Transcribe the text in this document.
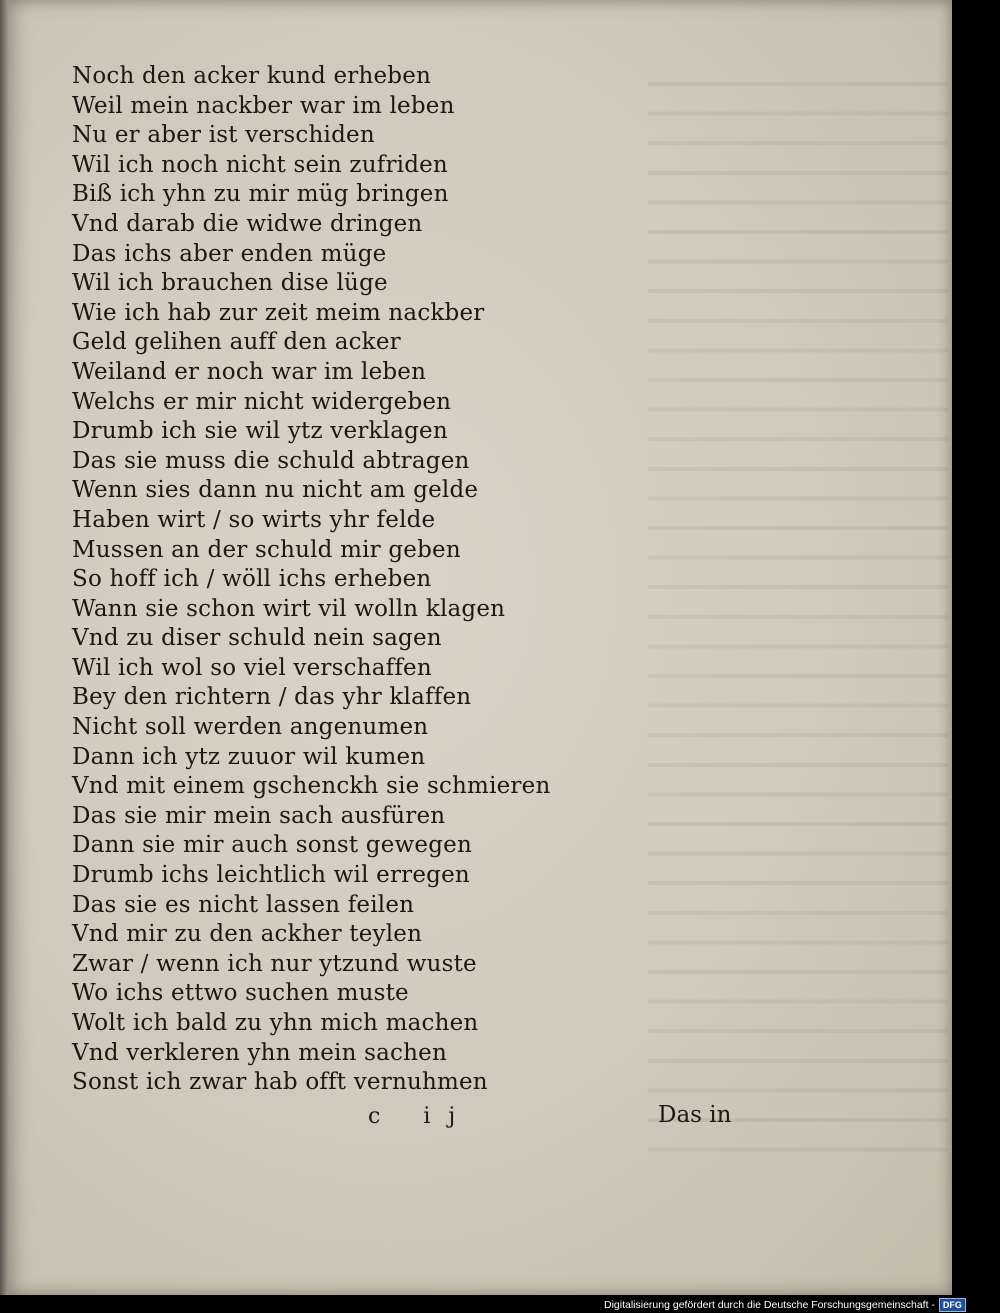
Noch den acker kund erheben
Weil mein nackber war im leben
Nu er aber ist verschiden
Wil ich noch nicht sein zufriden
Biß ich yhn zu mir müg bringen
Vnd darab die widwe dringen
Das ichs aber enden müge
Wil ich brauchen dise lüge
Wie ich hab zur zeit meim nackber
Geld gelihen auff den acker
Weiland er noch war im leben
Welchs er mir nicht widergeben
Drumb ich sie wil ytz verklagen
Das sie muss die schuld abtragen
Wenn sies dann nu nicht am gelde
Haben wirt / so wirts yhr felde
Mussen an der schuld mir geben
So hoff ich / wöll ichs erheben
Wann sie schon wirt vil wolln klagen
Vnd zu diser schuld nein sagen
Wil ich wol so viel verschaffen
Bey den richtern / das yhr klaffen
Nicht soll werden angenumen
Dann ich ytz zuuor wil kumen
Vnd mit einem gschenckh sie schmieren
Das sie mir mein sach ausfüren
Dann sie mir auch sonst gewegen
Drumb ichs leichtlich wil erregen
Das sie es nicht lassen feilen
Vnd mir zu den ackher teylen
Zwar / wenn ich nur ytzund wuste
Wo ichs ettwo suchen muste
Wolt ich bald zu yhn mich machen
Vnd verkleren yhn mein sachen
Sonst ich zwar hab offt vernuhmen
c ij	Das in
Digitalisierung gefördert durch die Deutsche Forschungsgemeinschaft - DFG
